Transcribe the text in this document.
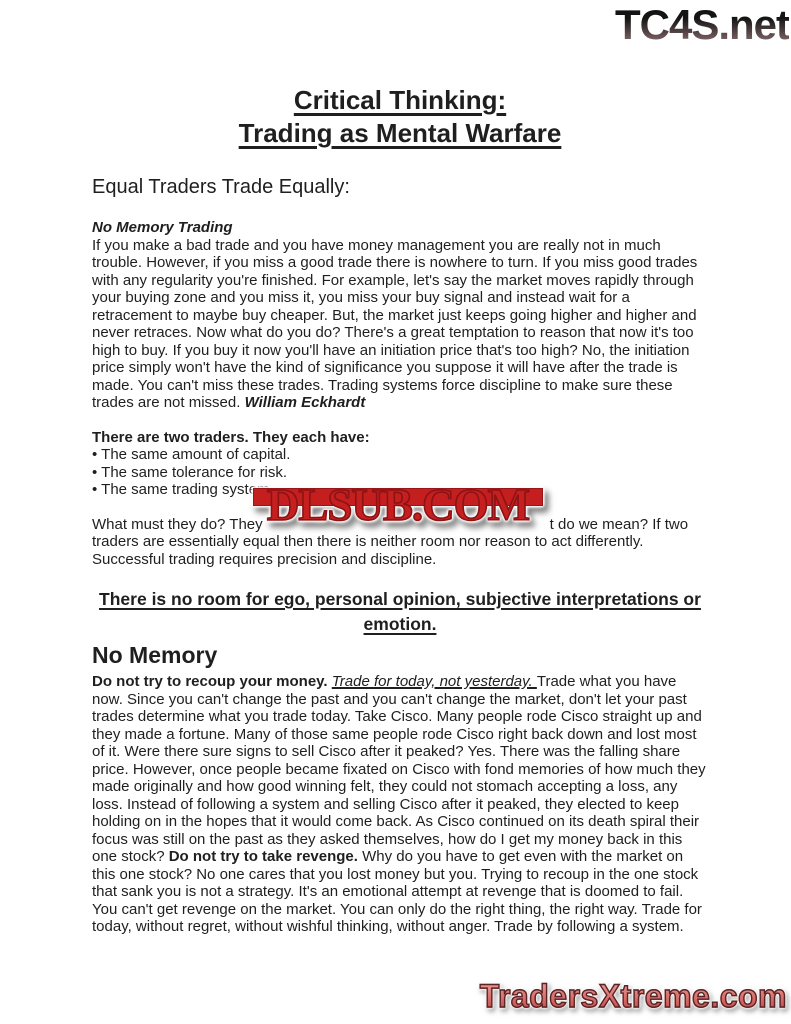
TC4S.net
Critical Thinking:
Trading as Mental Warfare
Equal Traders Trade Equally:
No Memory Trading

If you make a bad trade and you have money management you are really not in much trouble. However, if you miss a good trade there is nowhere to turn. If you miss good trades with any regularity you're finished. For example, let's say the market moves rapidly through your buying zone and you miss it, you miss your buy signal and instead wait for a retracement to maybe buy cheaper. But, the market just keeps going higher and higher and never retraces. Now what do you do? There's a great temptation to reason that now it's too high to buy. If you buy it now you'll have an initiation price that's too high? No, the initiation price simply won't have the kind of significance you suppose it will have after the trade is made. You can't miss these trades. Trading systems force discipline to make sure these trades are not missed. William Eckhardt

There are two traders. They each have:
• The same amount of capital.
• The same tolerance for risk.
• The same trading system.
What must they do? They	t do we mean? If two
traders are essentially equal then there is neither room nor reason to act differently. Successful trading requires precision and discipline.
There is no room for ego, personal opinion, subjective interpretations or emotion.
No Memory

Do not try to recoup your money. Trade for today, not yesterday. Trade what you have now. Since you can't change the past and you can't change the market, don't let your past trades determine what you trade today. Take Cisco. Many people rode Cisco straight up and they made a fortune. Many of those same people rode Cisco right back down and lost most of it. Were there sure signs to sell Cisco after it peaked? Yes. There was the falling share price. However, once people became fixated on Cisco with fond memories of how much they made originally and how good winning felt, they could not stomach accepting a loss, any loss. Instead of following a system and selling Cisco after it peaked, they elected to keep holding on in the hopes that it would come back. As Cisco continued on its death spiral their focus was still on the past as they asked themselves, how do I get my money back in this one stock? Do not try to take revenge. Why do you have to get even with the market on this one stock? No one cares that you lost money but you. Trying to recoup in the one stock that sank you is not a strategy. It's an emotional attempt at revenge that is doomed to fail. You can't get revenge on the market. You can only do the right thing, the right way. Trade for today, without regret, without wishful thinking, without anger. Trade by following a system.

DLSUB.COM
TradersXtreme.com
